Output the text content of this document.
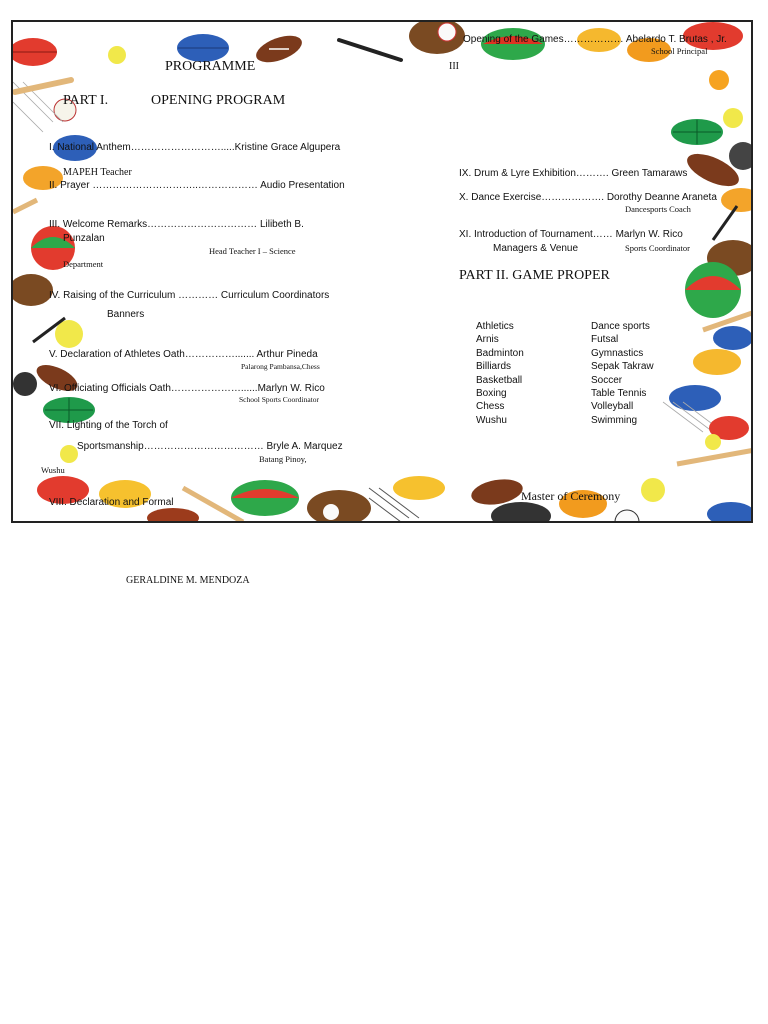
PROGRAMME
PART I.	OPENING PROGRAM
I. National Anthem……………………….....Kristine Grace Algupera
MAPEH Teacher
II. Prayer …………………………..……………… Audio Presentation
III. Welcome Remarks…………………………… Lilibeth B.
Punzalan
Head Teacher I – Science
Department
IV. Raising of the Curriculum ………… Curriculum Coordinators
Banners
V. Declaration of Athletes Oath……………....... Arthur Pineda
Palarong Pambansa,Chess
VI. Officiating Officials Oath…………………......Marlyn W. Rico
School Sports Coordinator
VII. Lighting of the Torch of
Sportsmanship……………………………… Bryle A. Marquez
Batang Pinoy,
Wushu
VIII. Declaration and Formal
Opening of the Games……………… Abelardo T. Brutas , Jr.
School Principal
III
IX. Drum & Lyre Exhibition………. Green Tamaraws
X. Dance Exercise………………. Dorothy Deanne Araneta
Dancesports Coach
XI. Introduction of Tournament…… Marlyn W. Rico
Managers & Venue	Sports Coordinator
PART II. GAME PROPER
Athletics
Arnis
Badminton
Billiards
Basketball
Boxing
Chess
Wushu
Dance sports
Futsal
Gymnastics
Sepak Takraw
Soccer
Table Tennis
Volleyball
Swimming
Master of Ceremony
GERALDINE M. MENDOZA
